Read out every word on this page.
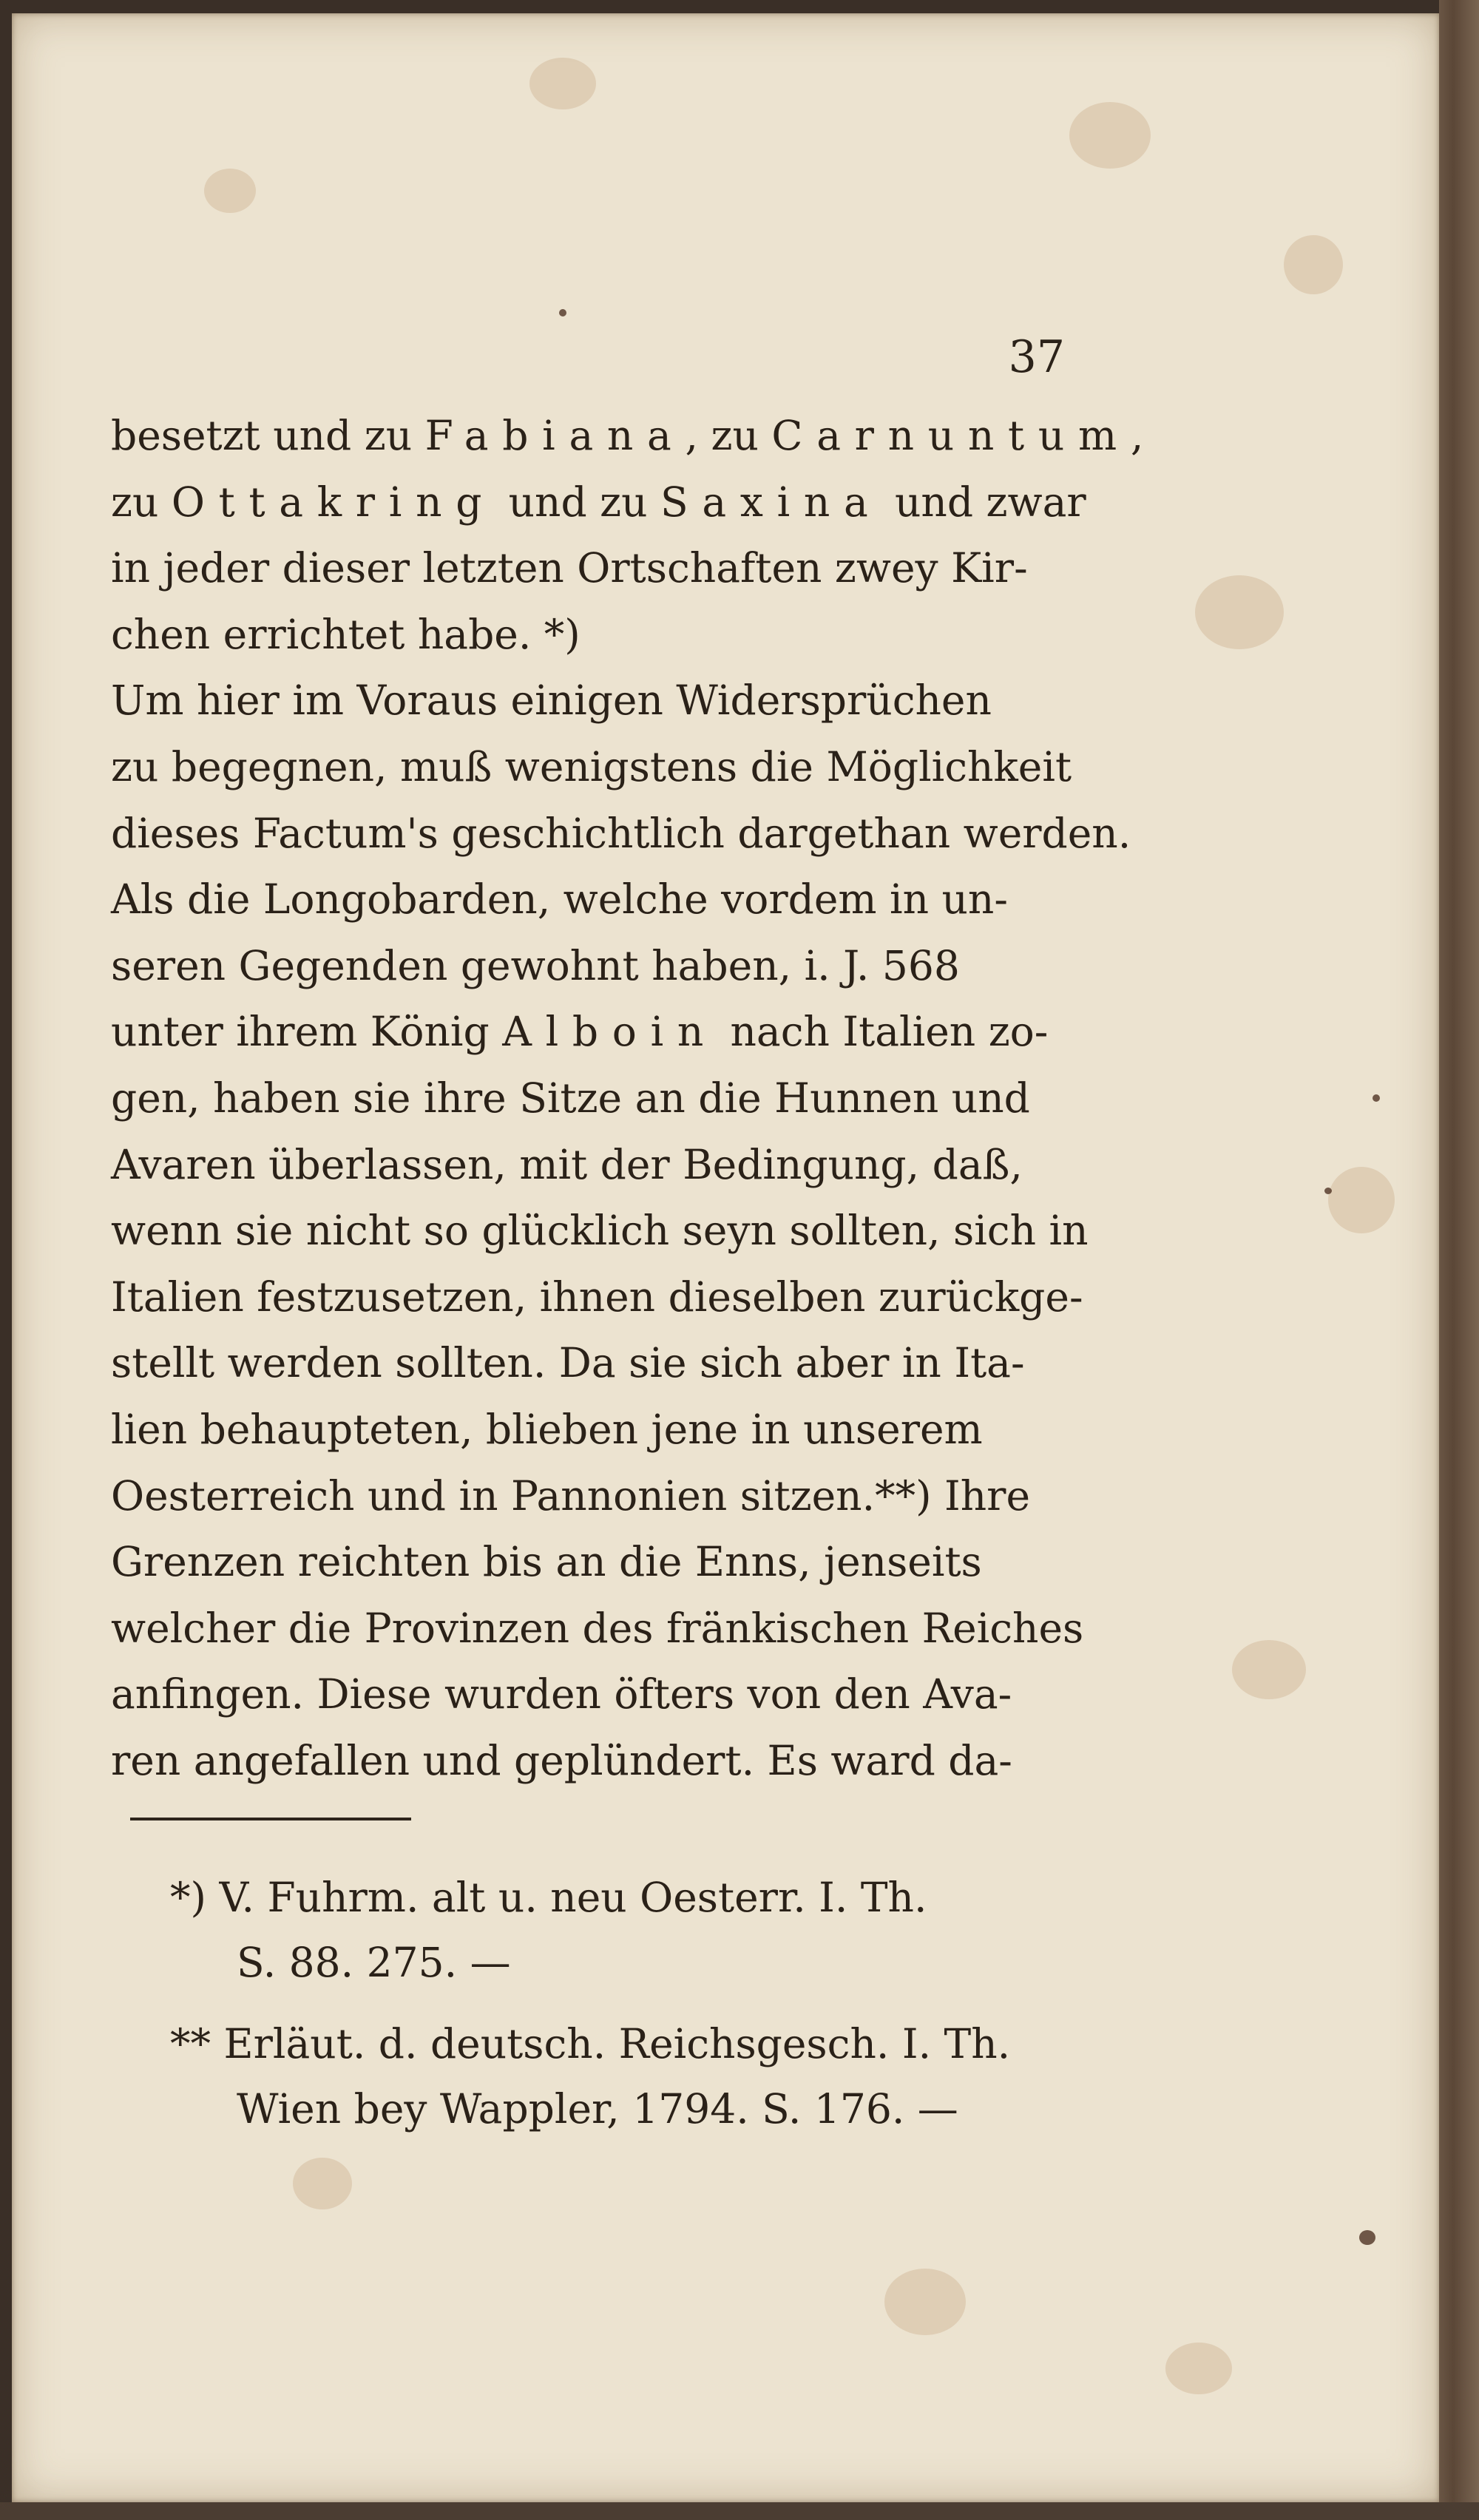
37
besetzt und zu Fabiana, zu Carnuntum
zu Ottakring und zu Saxina und zwar
in jeder dieser letzten Ortschaften zwey Kir-
chen errichtet habe. *)
Um hier im Voraus einigen Widersprüchen
zu begegnen, muß wenigstens die Möglichkeit
dieses Factum's geschichtlich dargethan werden.
Als die Longobarden, welche vordem in un-
seren Gegenden gewohnt haben, i. J. 568
unter ihrem König Alboin nach Italien zo-
gen, haben sie ihre Sitze an die Hunnen und
Avaren überlassen, mit der Bedingung, daß,
wenn sie nicht so glücklich seyn sollten, sich in
Italien festzusetzen, ihnen dieselben zurückge-
stellt werden sollten. Da sie sich aber in Ita-
lien behaupteten, blieben jene in unserem
Oesterreich und in Pannonien sitzen.**) Ihre
Grenzen reichten bis an die Enns, jenseits
welcher die Provinzen des fränkischen Reiches
anfingen. Diese wurden öfters von den Ava-
ren angefallen und geplündert. Es ward da-
*) V. Fuhrm. alt u. neu Oesterr. I. Th.
S. 88. 275. —
** Erläut. d. deutsch. Reichsgesch. I. Th.
Wien bey Wappler, 1794. S. 176. —
